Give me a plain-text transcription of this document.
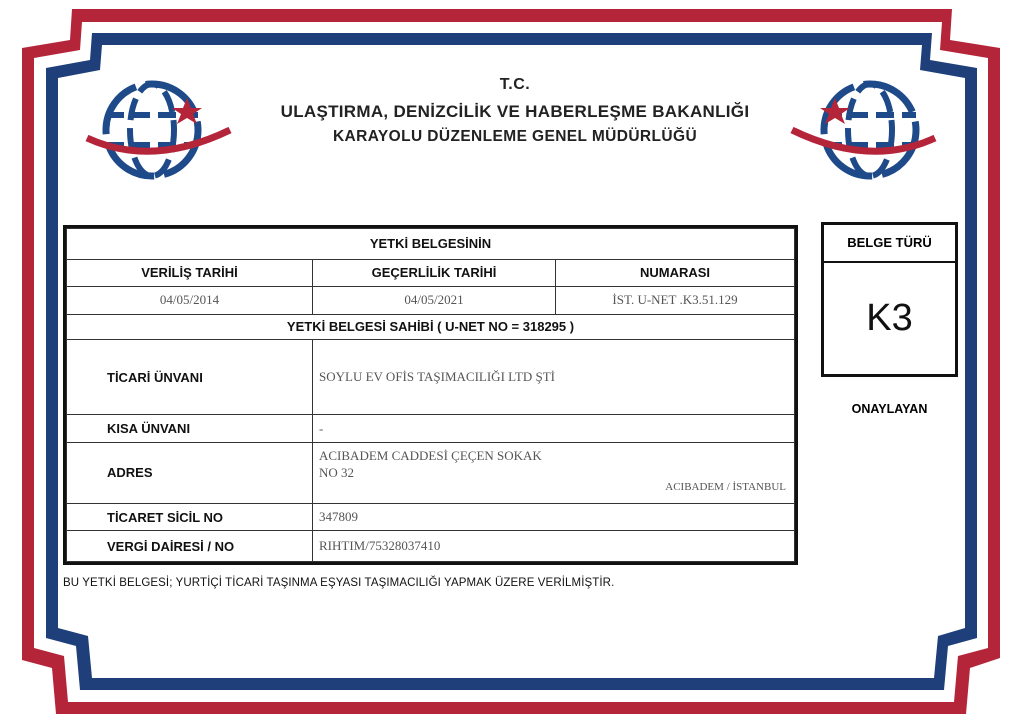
T.C.
ULAŞTIRMA, DENİZCİLİK VE HABERLEŞME BAKANLIĞI
KARAYOLU DÜZENLEME GENEL MÜDÜRLÜĞÜ
YETKİ BELGESİNİN		
VERİLİŞ TARİHİ	GEÇERLİLİK TARİHİ	NUMARASI
04/05/2014	04/05/2021	İST. U-NET .K3.51.129
YETKİ BELGESİ SAHİBİ ( U-NET NO = 318295 )		
TİCARİ ÜNVANI	SOYLU EV OFİS TAŞIMACILIĞI LTD ŞTİ	
KISA ÜNVANI	-	
ADRES	ACIBADEM CADDESİ ÇEÇEN SOKAK
NO 32
ACIBADEM / İSTANBUL	

TİCARET SİCİL NO	347809	
VERGİ DAİRESİ / NO	RIHTIM/75328037410	
BELGE TÜRÜ
K3
ONAYLAYAN
BU YETKİ BELGESİ; YURTİÇİ TİCARİ TAŞINMA EŞYASI TAŞIMACILIĞI YAPMAK ÜZERE VERİLMİŞTİR.
